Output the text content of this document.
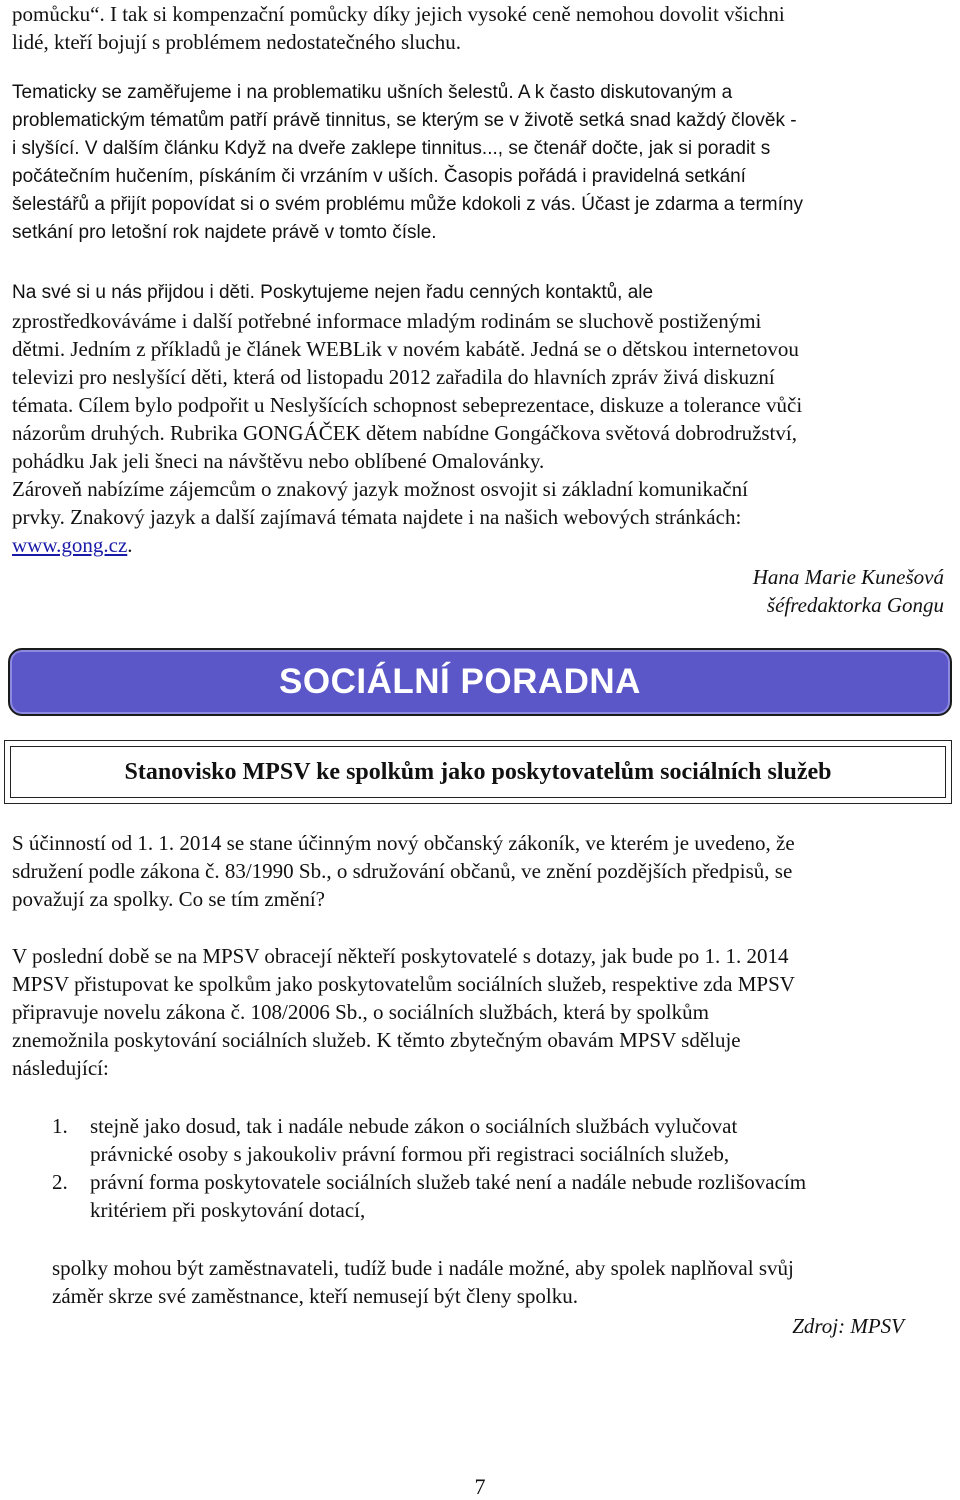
pomůcku“. I tak si kompenzační pomůcky díky jejich vysoké ceně nemohou dovolit všichni
lidé, kteří bojují s problémem nedostatečného sluchu.
Tematicky se zaměřujeme i na problematiku ušních šelestů. A k často diskutovaným a
problematickým tématům patří právě tinnitus, se kterým se v životě setká snad každý člověk -
i slyšící. V dalším článku Když na dveře zaklepe tinnitus..., se čtenář dočte, jak si poradit s
počátečním hučením, pískáním či vrzáním v uších. Časopis pořádá i pravidelná setkání
šelestářů a přijít popovídat si o svém problému může kdokoli z vás. Účast je zdarma a termíny
setkání pro letošní rok najdete právě v tomto čísle.
Na své si u nás přijdou i děti. Poskytujeme nejen řadu cenných kontaktů, ale
zprostředkováváme i další potřebné informace mladým rodinám se sluchově postiženými
dětmi. Jedním z příkladů je článek WEBLik v novém kabátě. Jedná se o dětskou internetovou
televizi pro neslyšící děti, která od listopadu 2012 zařadila do hlavních zpráv živá diskuzní
témata. Cílem bylo podpořit u Neslyšících schopnost sebeprezentace, diskuze a tolerance vůči
názorům druhých. Rubrika GONGÁČEK dětem nabídne Gongáčkova světová dobrodružství,
pohádku Jak jeli šneci na návštěvu nebo oblíbené Omalovánky.
Zároveň nabízíme zájemcům o znakový jazyk možnost osvojit si základní komunikační
prvky. Znakový jazyk a další zajímavá témata najdete i na našich webových stránkách:
www.gong.cz.
Hana Marie Kunešová
šéfredaktorka Gongu
SOCIÁLNÍ PORADNA
Stanovisko MPSV ke spolkům jako poskytovatelům sociálních služeb
S účinností od 1. 1. 2014 se stane účinným nový občanský zákoník, ve kterém je uvedeno, že
sdružení podle zákona č. 83/1990 Sb., o sdružování občanů, ve znění pozdějších předpisů, se
považují za spolky. Co se tím změní?
V poslední době se na MPSV obracejí někteří poskytovatelé s dotazy, jak bude po 1. 1. 2014
MPSV přistupovat ke spolkům jako poskytovatelům sociálních služeb, respektive zda MPSV
připravuje novelu zákona č. 108/2006 Sb., o sociálních službách, která by spolkům
znemožnila poskytování sociálních služeb. K těmto zbytečným obavám MPSV sděluje
následující:
1. stejně jako dosud, tak i nadále nebude zákon o sociálních službách vylučovat
právnické osoby s jakoukoliv právní formou při registraci sociálních služeb,
2. právní forma poskytovatele sociálních služeb také není a nadále nebude rozlišovacím
kritériem při poskytování dotací,
spolky mohou být zaměstnavateli, tudíž bude i nadále možné, aby spolek naplňoval svůj
záměr skrze své zaměstnance, kteří nemusejí být členy spolku.
Zdroj: MPSV
7
